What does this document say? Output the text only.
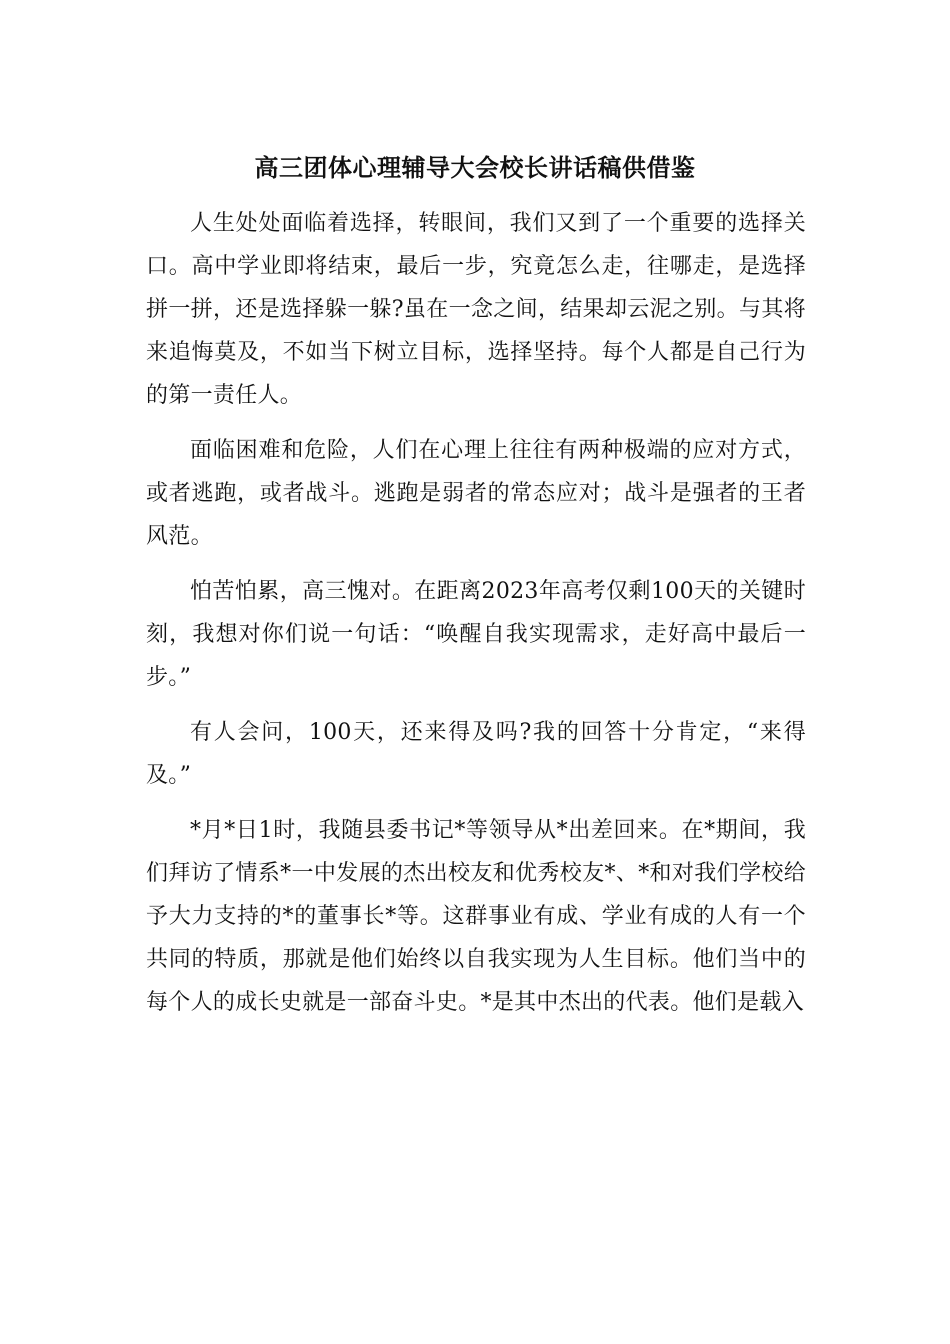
高三团体心理辅导大会校长讲话稿供借鉴

人生处处面临着选择，转眼间，我们又到了一个重要的选择关口。高中学业即将结束，最后一步，究竟怎么走，往哪走，是选择拼一拼，还是选择躲一躲?虽在一念之间，结果却云泥之别。与其将来追悔莫及，不如当下树立目标，选择坚持。每个人都是自己行为的第一责任人。

面临困难和危险，人们在心理上往往有两种极端的应对方式，或者逃跑，或者战斗。逃跑是弱者的常态应对；战斗是强者的王者风范。

怕苦怕累，高三愧对。在距离2023年高考仅剩100天的关键时刻，我想对你们说一句话：“唤醒自我实现需求，走好高中最后一步。”

有人会问，100天，还来得及吗?我的回答十分肯定，“来得及。”

*月*日1时，我随县委书记*等领导从*出差回来。在*期间，我们拜访了情系*一中发展的杰出校友和优秀校友*、*和对我们学校给予大力支持的*的董事长*等。这群事业有成、学业有成的人有一个共同的特质，那就是他们始终以自我实现为人生目标。他们当中的每个人的成长史就是一部奋斗史。*是其中杰出的代表。他们是载入
